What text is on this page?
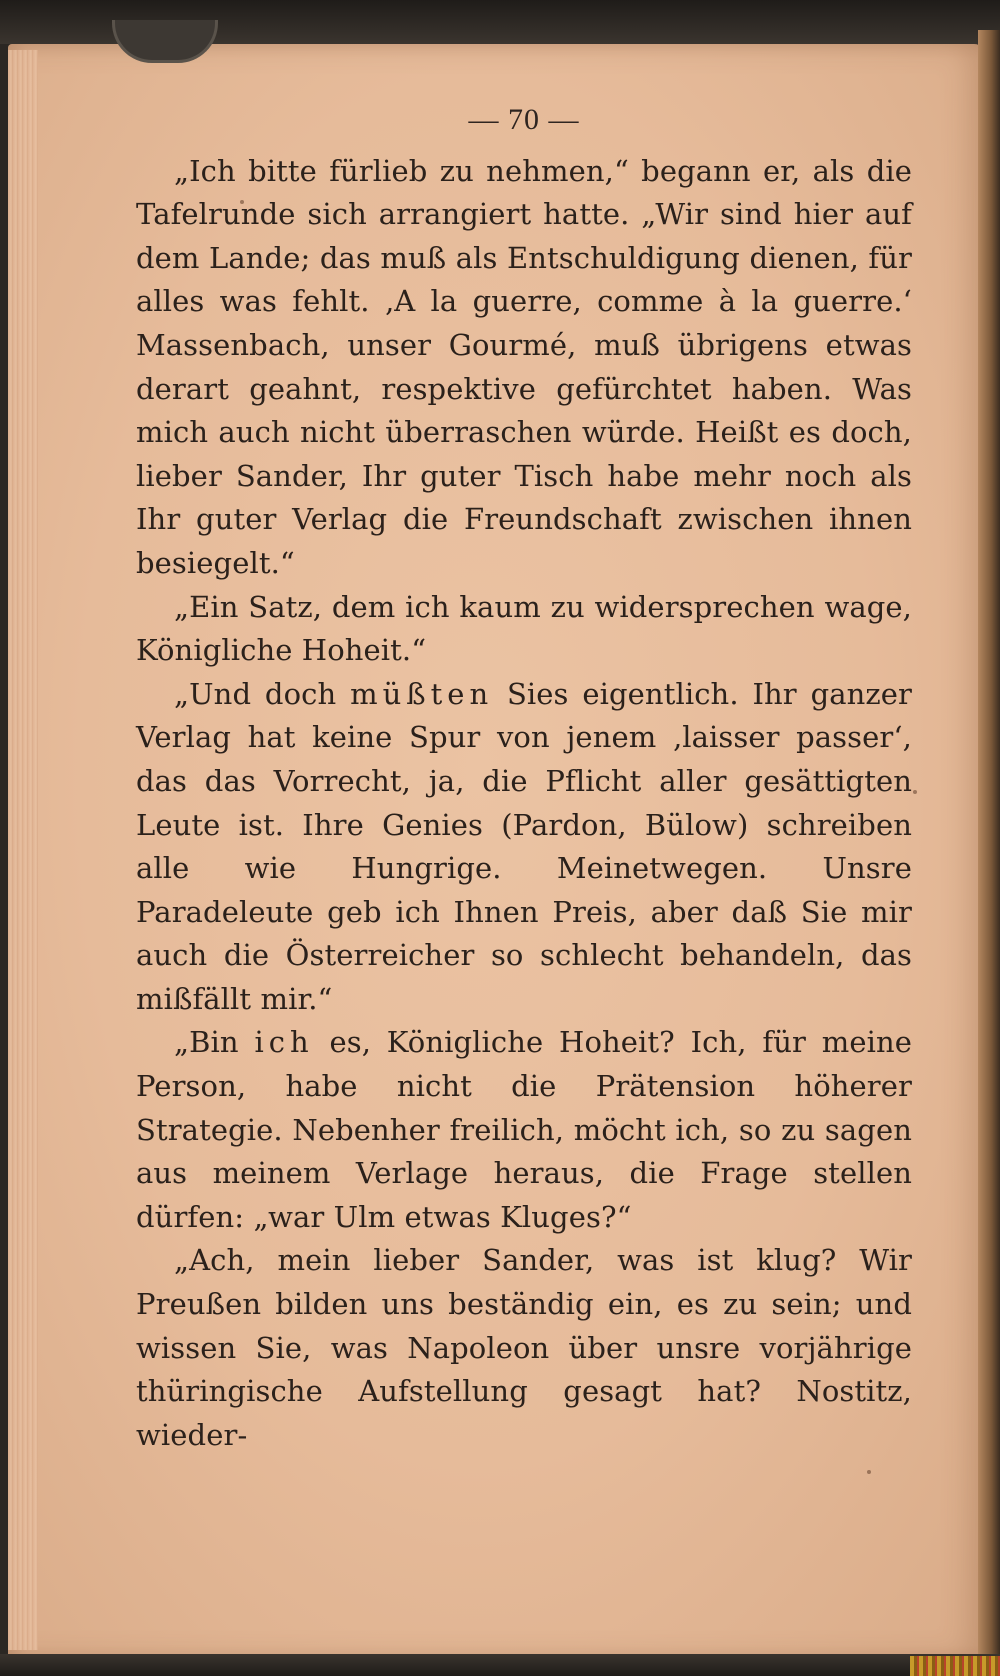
— 70 —

„Ich bitte fürlieb zu nehmen,“ begann er, als die Tafelrunde sich arrangiert hatte. „Wir sind hier auf dem Lande; das muß als Entschuldigung dienen, für alles was fehlt. ‚A la guerre, comme à la guerre.‘ Massenbach, unser Gourmé, muß übrigens etwas derart geahnt, respektive gefürchtet haben. Was mich auch nicht überraschen würde. Heißt es doch, lieber Sander, Ihr guter Tisch habe mehr noch als Ihr guter Verlag die Freundschaft zwischen ihnen besiegelt.“

„Ein Satz, dem ich kaum zu widersprechen wage, Königliche Hoheit.“

„Und doch müßten Sies eigentlich. Ihr ganzer Verlag hat keine Spur von jenem ‚laisser passer‘, das das Vorrecht, ja, die Pflicht aller gesättigten Leute ist. Ihre Genies (Pardon, Bülow) schreiben alle wie Hungrige. Meinetwegen. Unsre Paradeleute geb ich Ihnen Preis, aber daß Sie mir auch die Österreicher so schlecht behandeln, das mißfällt mir.“

„Bin ich es, Königliche Hoheit? Ich, für meine Person, habe nicht die Prätension höherer Strategie. Nebenher freilich, möcht ich, so zu sagen aus meinem Verlage heraus, die Frage stellen dürfen: „war Ulm etwas Kluges?“

„Ach, mein lieber Sander, was ist klug? Wir Preußen bilden uns beständig ein, es zu sein; und wissen Sie, was Napoleon über unsre vorjährige thüringische Aufstellung gesagt hat? Nostitz, wieder-
